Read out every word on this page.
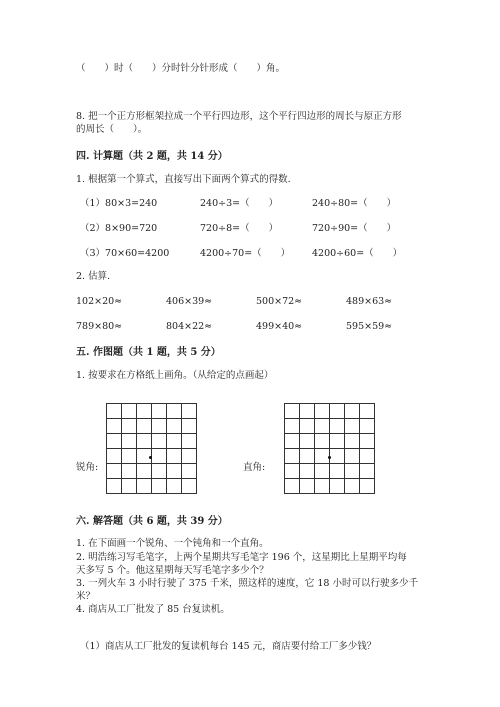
（　　）时（　　）分时针分针形成（　　）角。
8. 把一个正方形框架拉成一个平行四边形，这个平行四边形的周长与原正方形
的周长（　　）。
四. 计算题（共 2 题，共 14 分）
1. 根据第一个算式，直接写出下面两个算式的得数.
（1）80×3=240	240÷3=（　　）	240÷80=（　　）
（2）8×90=720	720÷8=（　　）	720÷90=（　　）
（3）70×60=4200	4200÷70=（　　） 4200÷60=（　　）
2. 估算.
102×20≈	406×39≈	500×72≈	489×63≈
789×80≈	804×22≈	499×40≈	595×59≈
五. 作图题（共 1 题，共 5 分）
1. 按要求在方格纸上画角。（从给定的点画起）
锐角:	直角:
六. 解答题（共 6 题，共 39 分）
1. 在下面画一个锐角、一个钝角和一个直角。
2. 明浩练习写毛笔字，上两个星期共写毛笔字 196 个，这星期比上星期平均每
天多写 5 个。他这星期每天写毛笔字多少个？
3. 一列火车 3 小时行驶了 375 千米，照这样的速度，它 18 小时可以行驶多少千
米？
4. 商店从工厂批发了 85 台复读机。
（1）商店从工厂批发的复读机每台 145 元，商店要付给工厂多少钱？
